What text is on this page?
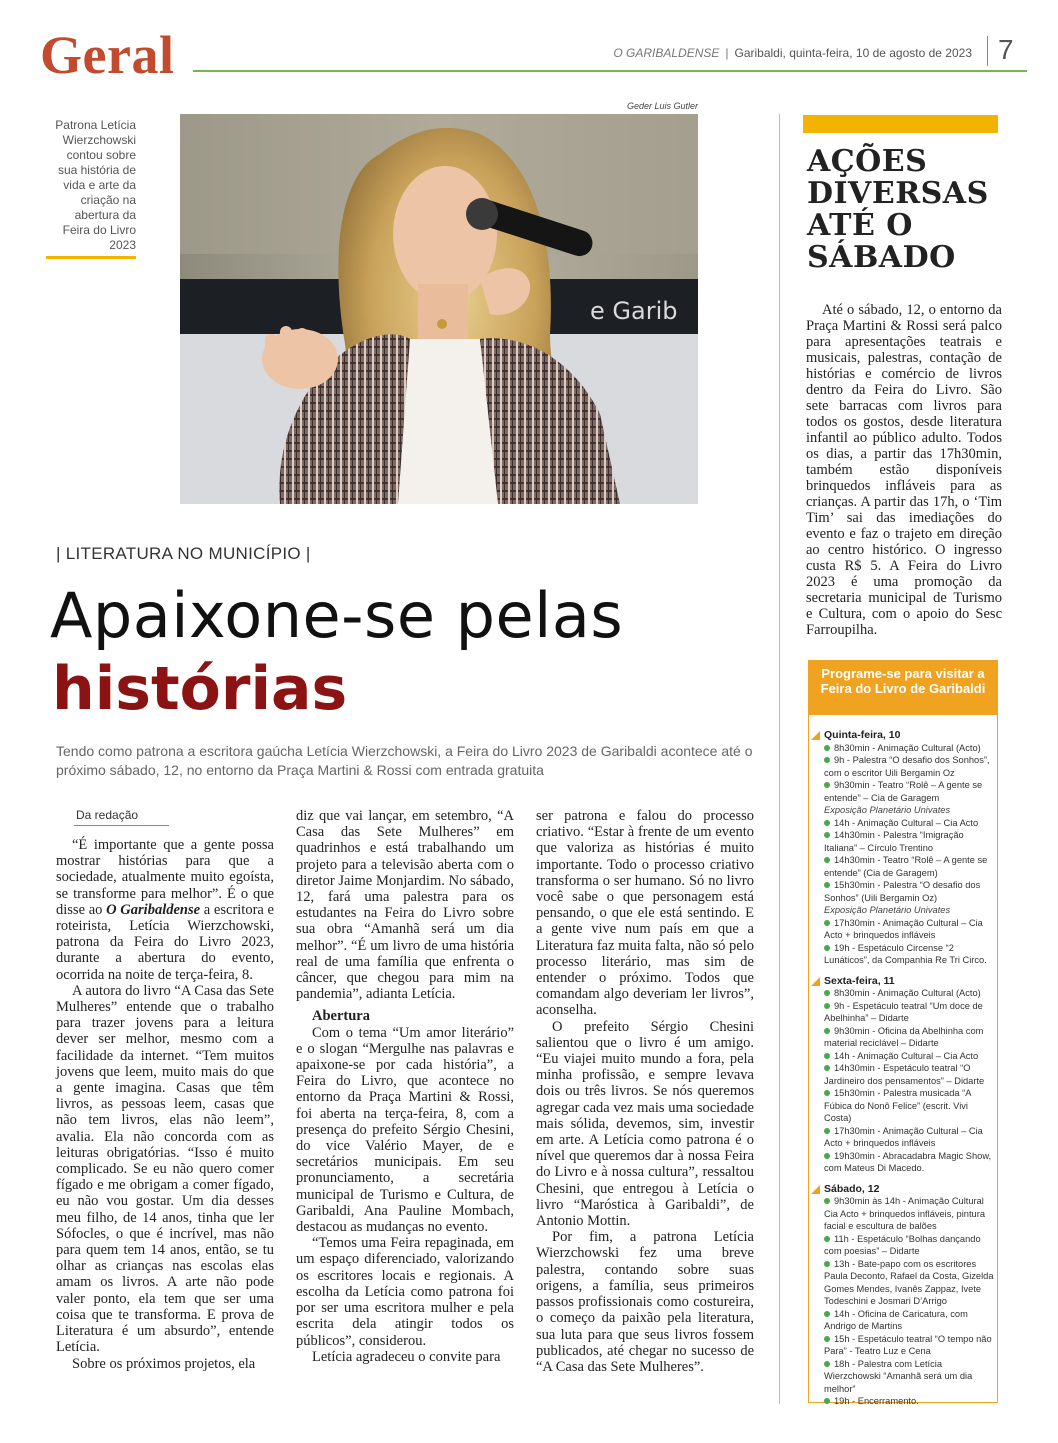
Geral	O GARIBALDENSE | Garibaldi, quinta-feira, 10 de agosto de 2023 7
Patrona Letícia Wierzchowski contou sobre sua história de vida e arte da criação na abertura da Feira do Livro 2023
Geder Luis Gutler
e Garib
| LITERATURA NO MUNICÍPIO |
Apaixone-se pelas
histórias
Tendo como patrona a escritora gaúcha Letícia Wierzchowski, a Feira do Livro 2023 de Garibaldi acontece até o próximo sábado, 12, no entorno da Praça Martini & Rossi com entrada gratuita
Da redação

“É importante que a gente possa mostrar histórias para que a sociedade, atualmente muito egoísta, se transforme para melhor”. É o que disse ao O Garibaldense a escritora e roteirista, Letícia Wierzchowski, patrona da Feira do Livro 2023, durante a abertura do evento, ocorrida na noite de terça-feira, 8.

A autora do livro “A Casa das Sete Mulheres” entende que o trabalho para trazer jovens para a leitura dever ser melhor, mesmo com a facilidade da internet. “Tem muitos jovens que leem, muito mais do que a gente imagina. Casas que têm livros, as pessoas leem, casas que não tem livros, elas não leem”, avalia. Ela não concorda com as leituras obrigatórias. “Isso é muito complicado. Se eu não quero comer fígado e me obrigam a comer fígado, eu não vou gostar. Um dia desses meu filho, de 14 anos, tinha que ler Sófocles, o que é incrível, mas não para quem tem 14 anos, então, se tu olhar as crianças nas escolas elas amam os livros. A arte não pode valer ponto, ela tem que ser uma coisa que te transforma. E prova de Literatura é um absurdo”, entende Letícia.

Sobre os próximos projetos, ela

diz que vai lançar, em setembro, “A Casa das Sete Mulheres” em quadrinhos e está trabalhando um projeto para a televisão aberta com o diretor Jaime Monjardim. No sábado, 12, fará uma palestra para os estudantes na Feira do Livro sobre sua obra “Amanhã será um dia melhor”. “É um livro de uma história real de uma família que enfrenta o câncer, que chegou para mim na pandemia”, adianta Letícia.

Abertura

Com o tema “Um amor literário” e o slogan “Mergulhe nas palavras e apaixone-se por cada história”, a Feira do Livro, que acontece no entorno da Praça Martini & Rossi, foi aberta na terça-feira, 8, com a presença do prefeito Sérgio Chesini, do vice Valério Mayer, de e secretários municipais. Em seu pronunciamento, a secretária municipal de Turismo e Cultura, de Garibaldi, Ana Pauline Mombach, destacou as mudanças no evento.

“Temos uma Feira repaginada, em um espaço diferenciado, valorizando os escritores locais e regionais. A escolha da Letícia como patrona foi por ser uma escritora mulher e pela escrita dela atingir todos os públicos”, considerou.

Letícia agradeceu o convite para

ser patrona e falou do processo criativo. “Estar à frente de um evento que valoriza as histórias é muito importante. Todo o processo criativo transforma o ser humano. Só no livro você sabe o que personagem está pensando, o que ele está sentindo. E a gente vive num país em que a Literatura faz muita falta, não só pelo processo literário, mas sim de entender o próximo. Todos que comandam algo deveriam ler livros”, aconselha.

O prefeito Sérgio Chesini salientou que o livro é um amigo. “Eu viajei muito mundo a fora, pela minha profissão, e sempre levava dois ou três livros. Se nós queremos agregar cada vez mais uma sociedade mais sólida, devemos, sim, investir em arte. A Letícia como patrona é o nível que queremos dar à nossa Feira do Livro e à nossa cultura”, ressaltou Chesini, que entregou à Letícia o livro “Maróstica à Garibaldi”, de Antonio Mottin.

Por fim, a patrona Letícia Wierzchowski fez uma breve palestra, contando sobre suas origens, a família, seus primeiros passos profissionais como costureira, o começo da paixão pela literatura, sua luta para que seus livros fossem publicados, até chegar no sucesso de “A Casa das Sete Mulheres”.

AÇÕES DIVERSAS ATÉ O SÁBADO

Até o sábado, 12, o entorno da Praça Martini & Rossi será palco para apresentações teatrais e musicais, palestras, contação de histórias e comércio de livros dentro da Feira do Livro. São sete barracas com livros para todos os gostos, desde literatura infantil ao público adulto. Todos os dias, a partir das 17h30min, também estão disponíveis brinquedos infláveis para as crianças. A partir das 17h, o ‘Tim Tim’ sai das imediações do evento e faz o trajeto em direção ao centro histórico. O ingresso custa R$ 5. A Feira do Livro 2023 é uma promoção da secretaria municipal de Turismo e Cultura, com o apoio do Sesc Farroupilha.

Programe-se para visitar a Feira do Livro de Garibaldi
Quinta-feira, 10
8h30min - Animação Cultural (Acto)
9h - Palestra “O desafio dos Sonhos”, com o escritor Uili Bergamin Oz
9h30min - Teatro “Rolê – A gente se entende” – Cia de Garagem
Exposição Planetário Univates
14h - Animação Cultural – Cia Acto
14h30min - Palestra “Imigração Italiana” – Círculo Trentino
14h30min - Teatro “Rolê – A gente se entende” (Cia de Garagem)
15h30min - Palestra “O desafio dos Sonhos” (Uili Bergamin Oz)
Exposição Planetário Univates
17h30min - Animação Cultural – Cia Acto + brinquedos infláveis
19h - Espetáculo Circense “2 Lunáticos”, da Companhia Re Tri Circo.
Sexta-feira, 11
8h30min - Animação Cultural (Acto)
9h - Espetáculo teatral “Um doce de Abelhinha” – Didarte
9h30min - Oficina da Abelhinha com material reciclável – Didarte
14h - Animação Cultural – Cia Acto
14h30min - Espetáculo teatral “O Jardineiro dos pensamentos” – Didarte
15h30min - Palestra musicada “A Fúbica do Nonô Felice” (escrit. Vivi Costa)
17h30min - Animação Cultural – Cia Acto + brinquedos infláveis
19h30min - Abracadabra Magic Show, com Mateus Di Macedo.
Sábado, 12
9h30min às 14h - Animação Cultural Cia Acto + brinquedos infláveis, pintura facial e escultura de balões
11h - Espetáculo “Bolhas dançando com poesias” – Didarte
13h - Bate-papo com os escritores Paula Deconto, Rafael da Costa, Gizelda Gomes Mendes, Ivanês Zappaz, Ivete Todeschini e Josmari D’Arrigo
14h - Oficina de Caricatura, com Andrigo de Martins
15h - Espetáculo teatral “O tempo não Para” - Teatro Luz e Cena
18h - Palestra com Letícia Wierzchowski “Amanhã será um dia melhor”
19h - Encerramento.
